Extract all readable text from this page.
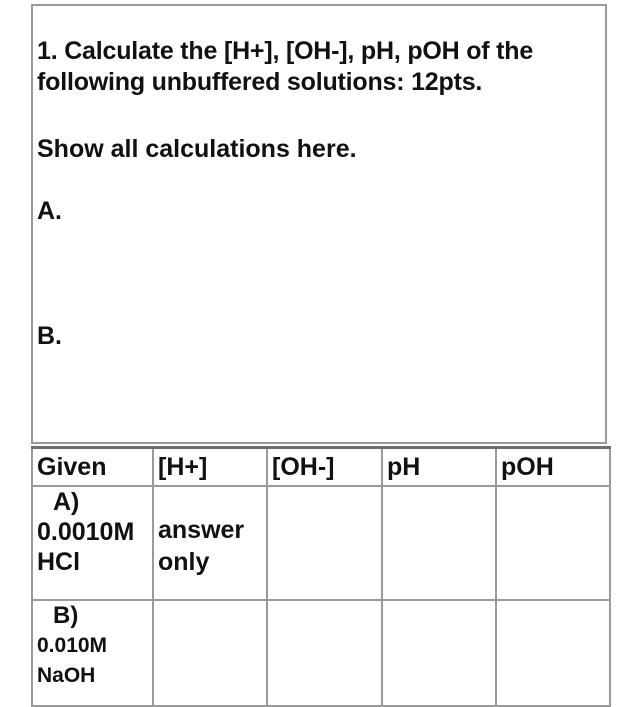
1. Calculate the [H+], [OH-], pH, pOH of the following unbuffered solutions: 12pts.
Show all calculations here.
A.
B.
Given	[H+]	[OH-]	pH	pOH

A)
0.0010M
HCl	answer
only			

B)
0.010M
NaOH				
